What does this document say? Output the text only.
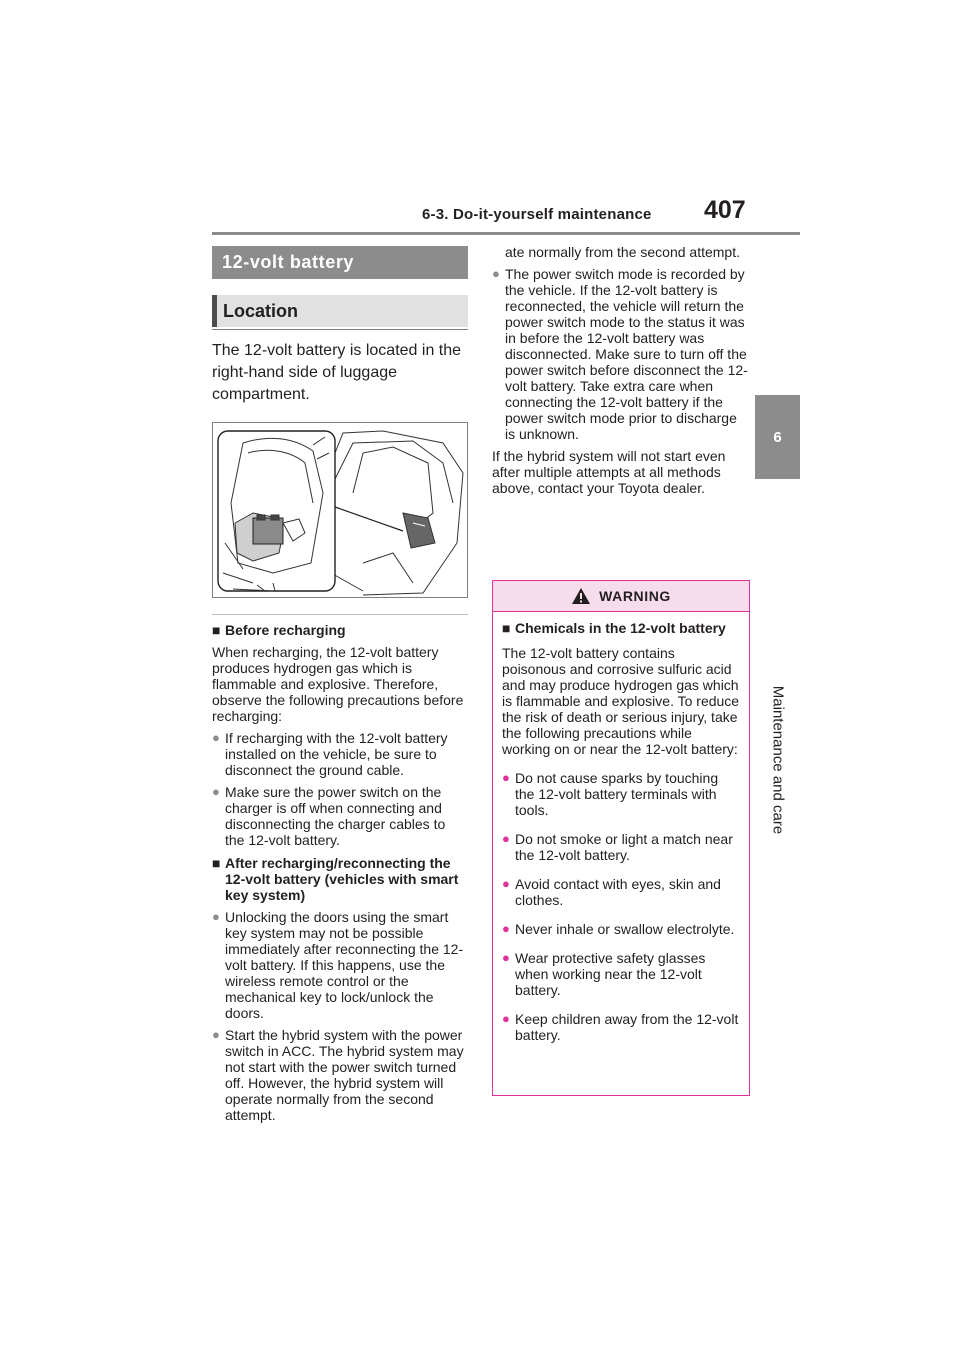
6-3. Do-it-yourself maintenance 407
6
Maintenance and care
12-volt battery
Location
The 12-volt battery is located in the right-hand side of luggage compartment.
■ Before recharging
When recharging, the 12-volt battery produces hydrogen gas which is flammable and explosive. Therefore, observe the following precautions before recharging:
● If recharging with the 12-volt battery installed on the vehicle, be sure to disconnect the ground cable.
● Make sure the power switch on the charger is off when connecting and disconnecting the charger cables to the 12-volt battery.
■ After recharging/reconnecting the 12-volt battery (vehicles with smart key system)
● Unlocking the doors using the smart key system may not be possible immediately after reconnecting the 12-volt battery. If this happens, use the wireless remote control or the mechanical key to lock/unlock the doors.
● Start the hybrid system with the power switch in ACC. The hybrid system may not start with the power switch turned off. However, the hybrid system will operate normally from the second attempt.
ate normally from the second attempt.
● The power switch mode is recorded by the vehicle. If the 12-volt battery is reconnected, the vehicle will return the power switch mode to the status it was in before the 12-volt battery was disconnected. Make sure to turn off the power switch before disconnect the 12-volt battery. Take extra care when connecting the 12-volt battery if the power switch mode prior to discharge is unknown.
If the hybrid system will not start even after multiple attempts at all methods above, contact your Toyota dealer.
WARNING
■ Chemicals in the 12-volt battery
The 12-volt battery contains poisonous and corrosive sulfuric acid and may produce hydrogen gas which is flammable and explosive. To reduce the risk of death or serious injury, take the following precautions while working on or near the 12-volt battery:
● Do not cause sparks by touching the 12-volt battery terminals with tools.
● Do not smoke or light a match near the 12-volt battery.
● Avoid contact with eyes, skin and clothes.
● Never inhale or swallow electrolyte.
● Wear protective safety glasses when working near the 12-volt battery.
● Keep children away from the 12-volt battery.
